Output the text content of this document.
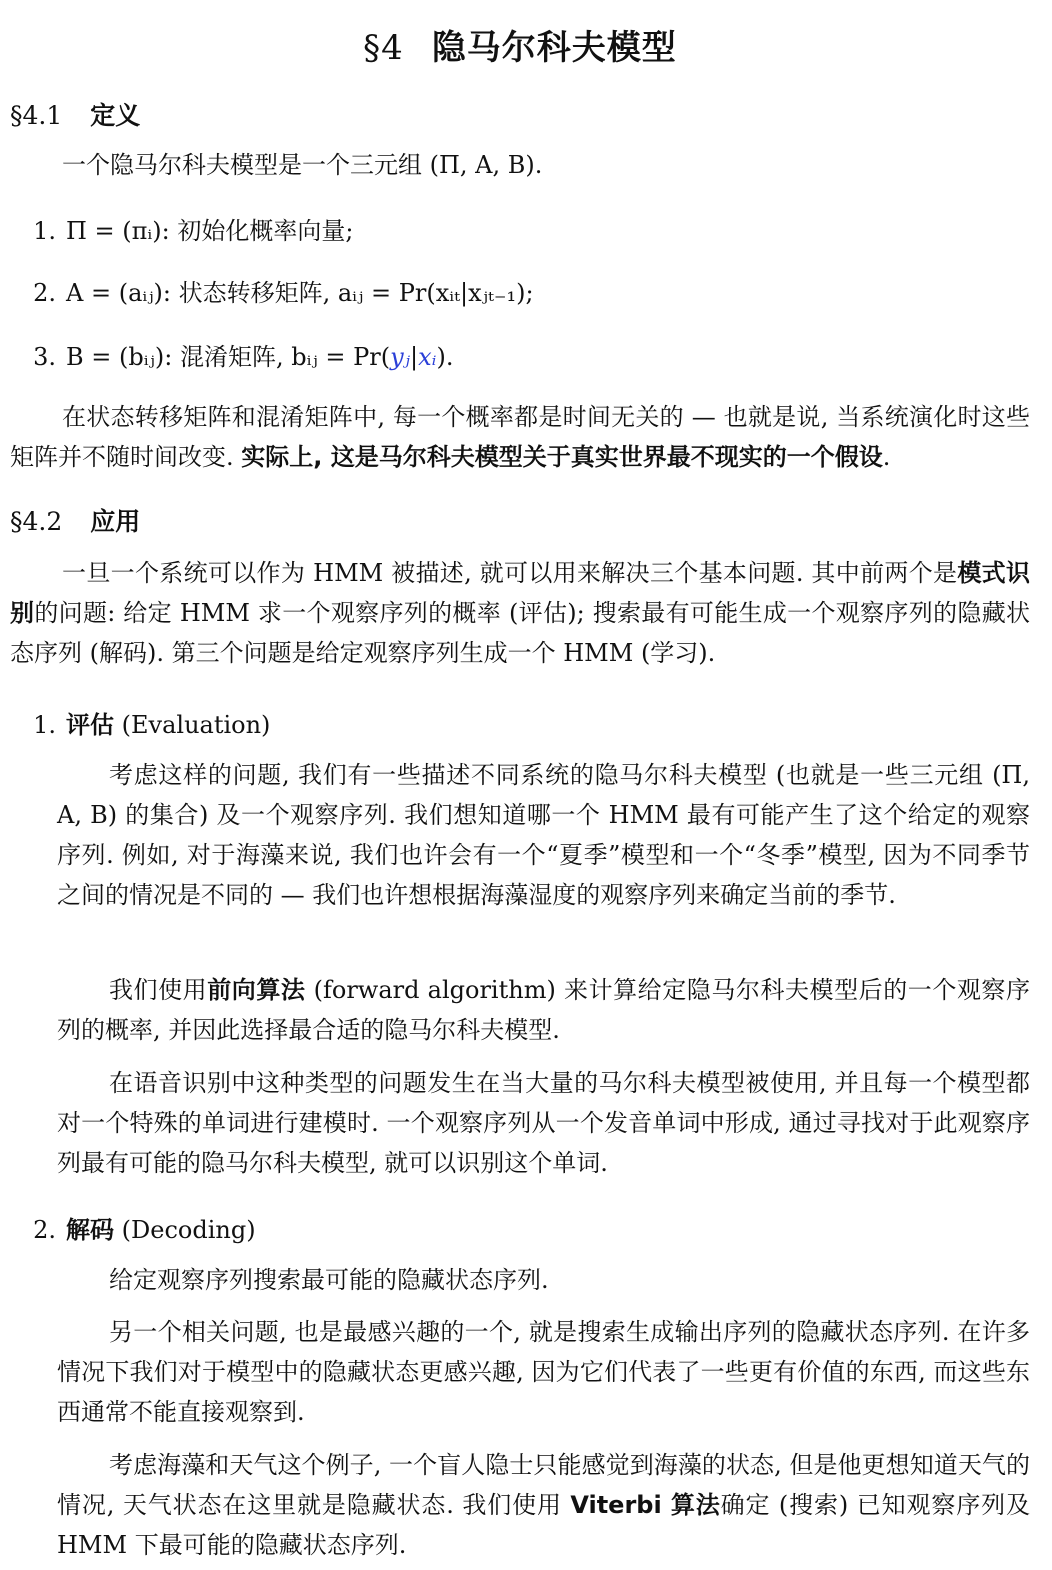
§4 隐马尔科夫模型
§4.1 定义
一个隐马尔科夫模型是一个三元组 (Π, A, B).
1. Π = (πᵢ): 初始化概率向量;
2. A = (aᵢⱼ): 状态转移矩阵, aᵢⱼ = Pr(xᵢₜ|xⱼₜ₋₁);
3. B = (bᵢⱼ): 混淆矩阵, bᵢⱼ = Pr(yⱼ|xᵢ).
在状态转移矩阵和混淆矩阵中, 每一个概率都是时间无关的 — 也就是说, 当系统演化时这些矩阵并不随时间改变. 实际上, 这是马尔科夫模型关于真实世界最不现实的一个假设.
§4.2 应用
一旦一个系统可以作为 HMM 被描述, 就可以用来解决三个基本问题. 其中前两个是模式识别的问题: 给定 HMM 求一个观察序列的概率 (评估); 搜索最有可能生成一个观察序列的隐藏状态序列 (解码). 第三个问题是给定观察序列生成一个 HMM (学习).
1. 评估 (Evaluation)
考虑这样的问题, 我们有一些描述不同系统的隐马尔科夫模型 (也就是一些三元组 (Π, A, B) 的集合) 及一个观察序列. 我们想知道哪一个 HMM 最有可能产生了这个给定的观察序列. 例如, 对于海藻来说, 我们也许会有一个“夏季”模型和一个“冬季”模型, 因为不同季节之间的情况是不同的 — 我们也许想根据海藻湿度的观察序列来确定当前的季节.
我们使用前向算法 (forward algorithm) 来计算给定隐马尔科夫模型后的一个观察序列的概率, 并因此选择最合适的隐马尔科夫模型.
在语音识别中这种类型的问题发生在当大量的马尔科夫模型被使用, 并且每一个模型都对一个特殊的单词进行建模时. 一个观察序列从一个发音单词中形成, 通过寻找对于此观察序列最有可能的隐马尔科夫模型, 就可以识别这个单词.
2. 解码 (Decoding)
给定观察序列搜索最可能的隐藏状态序列.
另一个相关问题, 也是最感兴趣的一个, 就是搜索生成输出序列的隐藏状态序列. 在许多情况下我们对于模型中的隐藏状态更感兴趣, 因为它们代表了一些更有价值的东西, 而这些东西通常不能直接观察到.
考虑海藻和天气这个例子, 一个盲人隐士只能感觉到海藻的状态, 但是他更想知道天气的情况, 天气状态在这里就是隐藏状态. 我们使用 Viterbi 算法确定 (搜索) 已知观察序列及 HMM 下最可能的隐藏状态序列.
